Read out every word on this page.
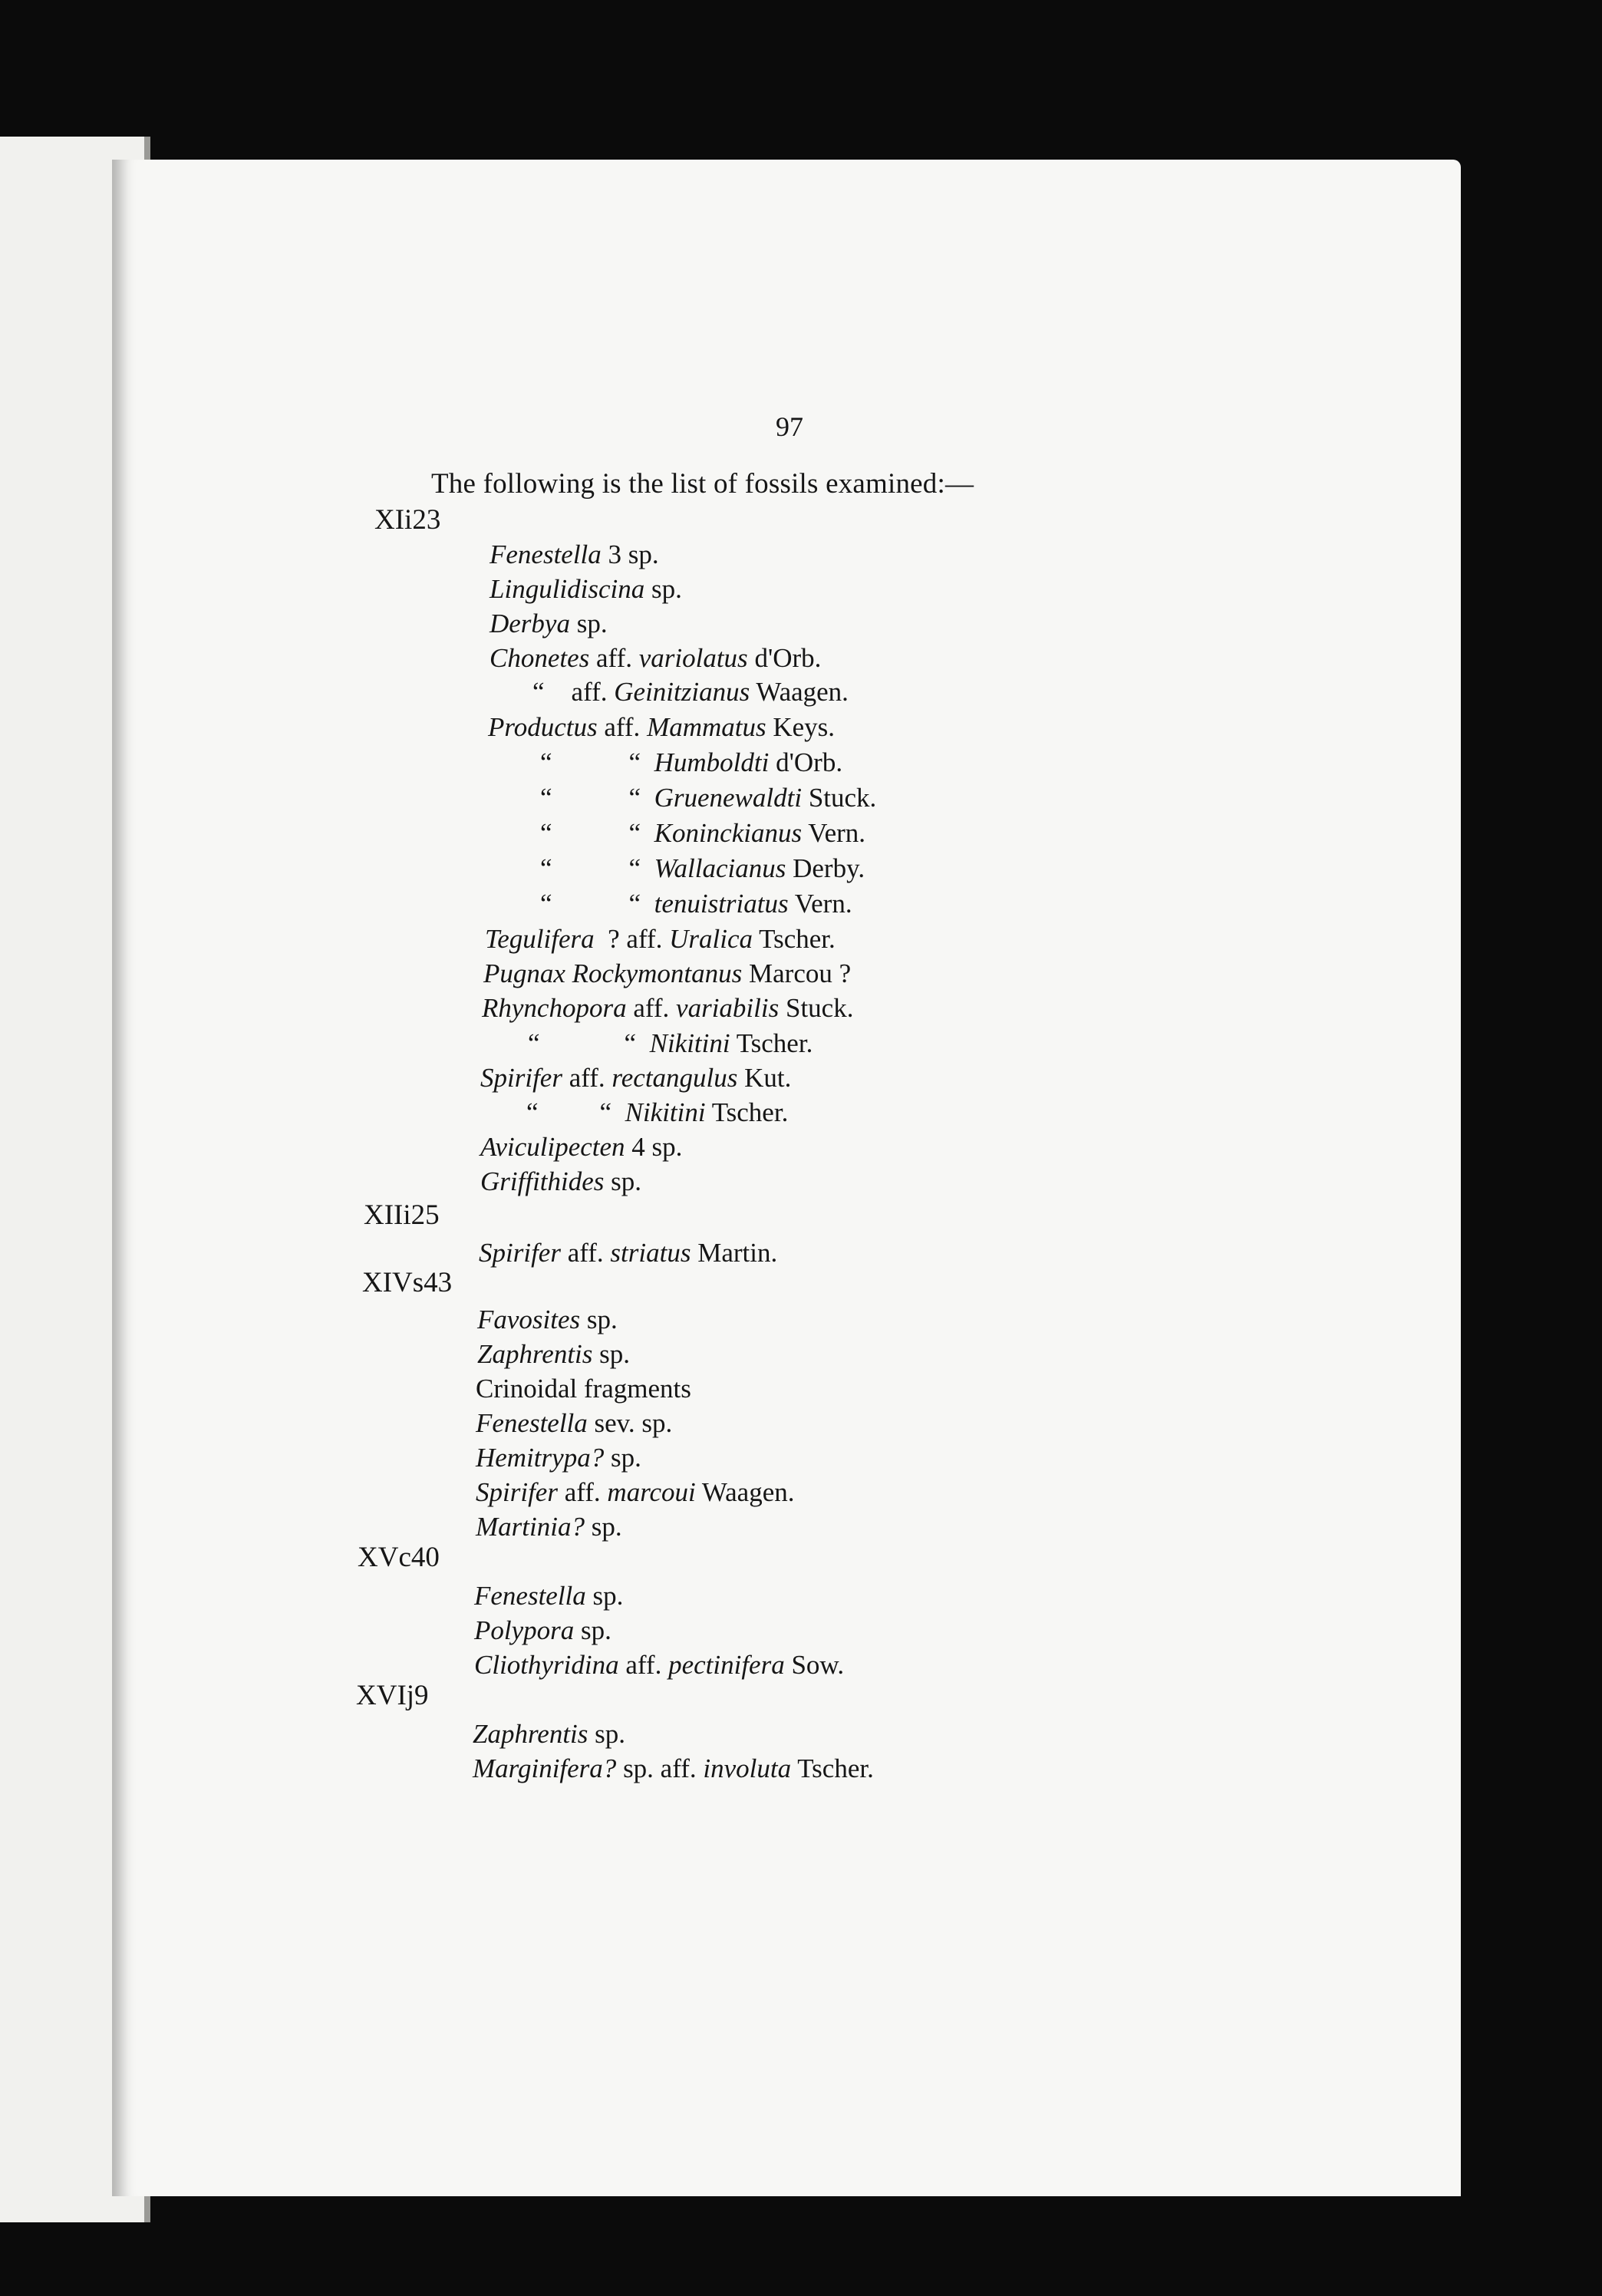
97
The following is the list of fossils examined:—
XIi23
Fenestella 3 sp.
Lingulidiscina sp.
Derbya sp.
Chonetes aff. variolatus d'Orb.
“ aff. Geinitzianus Waagen.
Productus aff. Mammatus Keys.
“	“ Humboldti d'Orb.
“	“ Gruenewaldti Stuck.
“	“ Koninckianus Vern.
“	“ Wallacianus Derby.
“	“ tenuistriatus Vern.
Tegulifera ? aff. Uralica Tscher.
Pugnax Rockymontanus Marcou ?
Rhynchopora aff. variabilis Stuck.
“	“ Nikitini Tscher.
Spirifer aff. rectangulus Kut.
“ “ Nikitini Tscher.
Aviculipecten 4 sp.
Griffithides sp.
XIIi25
Spirifer aff. striatus Martin.
XIVs43
Favosites sp.
Zaphrentis sp.
Crinoidal fragments
Fenestella sev. sp.
Hemitrypa? sp.
Spirifer aff. marcoui Waagen.
Martinia? sp.
XVc40
Fenestella sp.
Polypora sp.
Cliothyridina aff. pectinifera Sow.
XVIj9
Zaphrentis sp.
Marginifera? sp. aff. involuta Tscher.
